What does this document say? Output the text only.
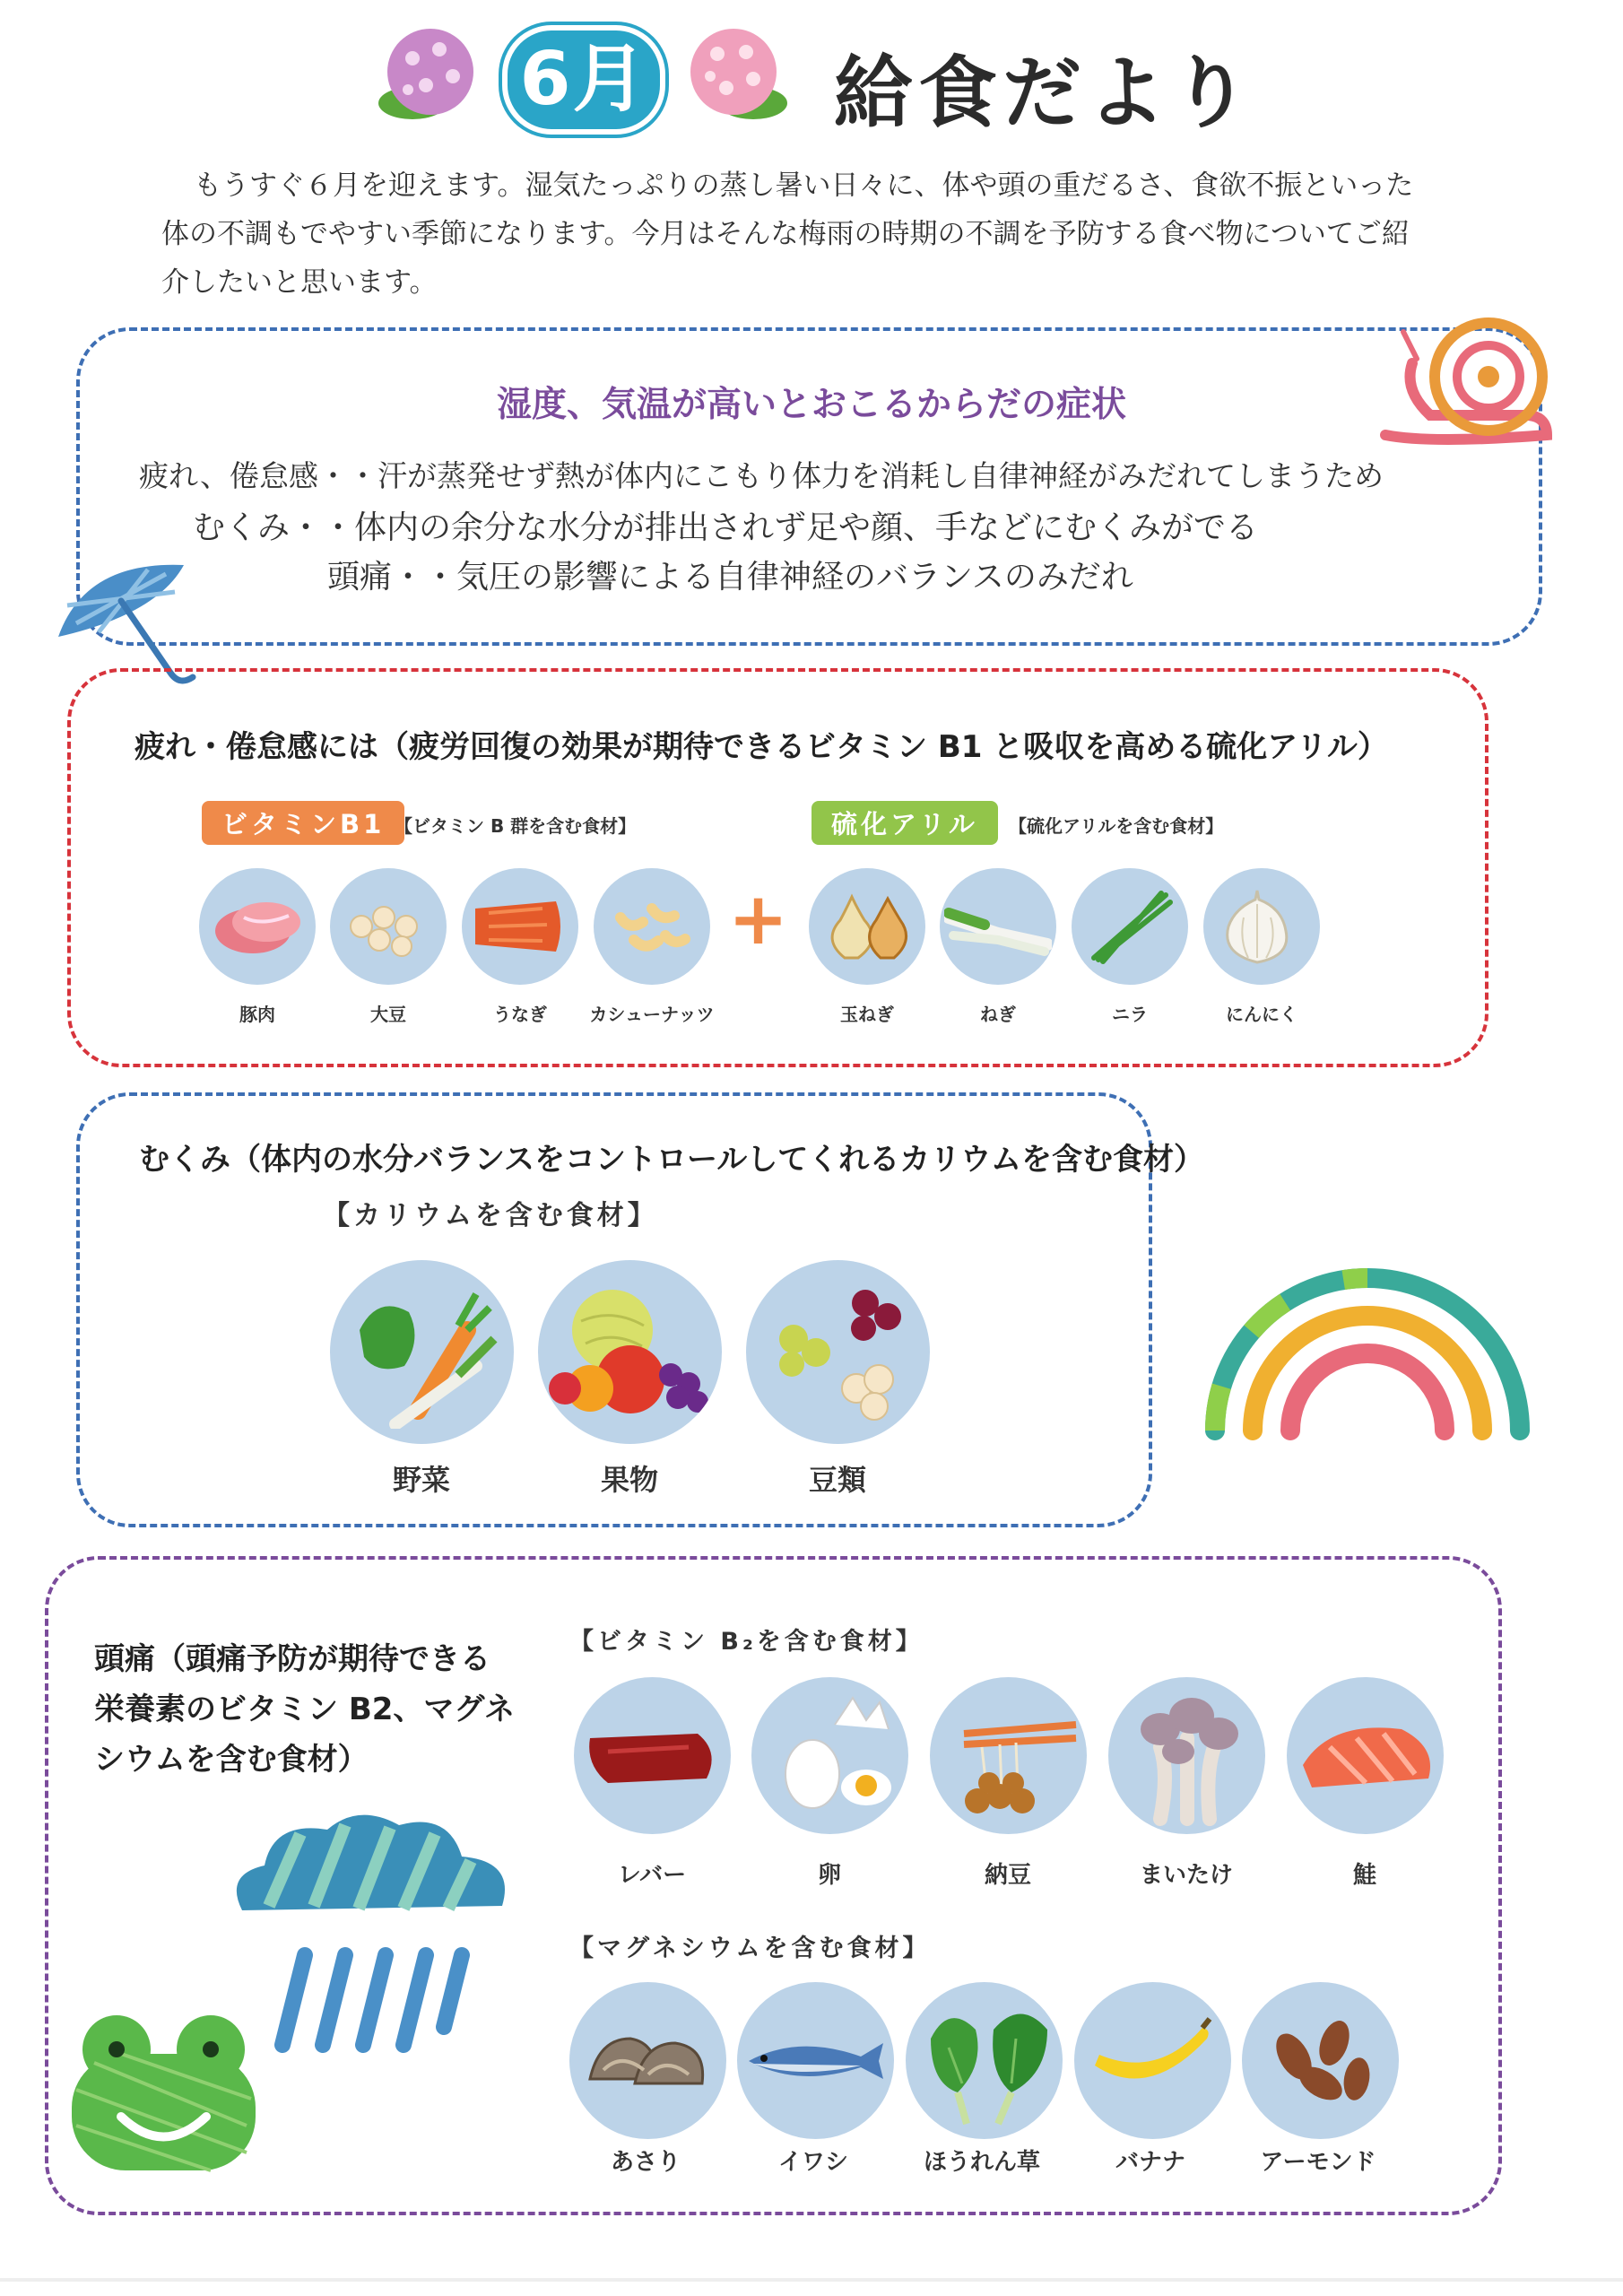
6月 給食だより

もうすぐ６月を迎えます。湿気たっぷりの蒸し暑い日々に、体や頭の重だるさ、食欲不振といった

体の不調もでやすい季節になります。今月はそんな梅雨の時期の不調を予防する食べ物についてご紹

介したいと思います。

湿度、気温が高いとおこるからだの症状
疲れ、倦怠感・・汗が蒸発せず熱が体内にこもり体力を消耗し自律神経がみだれてしまうため
むくみ・・体内の余分な水分が排出されず足や顔、手などにむくみがでる
頭痛・・気圧の影響による自律神経のバランスのみだれ
疲れ・倦怠感には（疲労回復の効果が期待できるビタミン B1 と吸収を高める硫化アリル）
ビタミンB1 【ビタミン B 群を含む食材】	硫化アリル	【硫化アリルを含む食材】
+
豚肉	大豆	うなぎ	カシューナッツ	玉ねぎ	ねぎ	ニラ	にんにく
むくみ（体内の水分バランスをコントロールしてくれるカリウムを含む食材）
【カリウムを含む食材】
野菜	果物	豆類
頭痛（頭痛予防が期待できる
栄養素のビタミン B2、マグネ
シウムを含む食材）
【ビタミン B₂を含む食材】
レバー	卵	納豆	まいたけ	鮭
【マグネシウムを含む食材】
あさり	イワシ	ほうれん草	バナナ	アーモンド
